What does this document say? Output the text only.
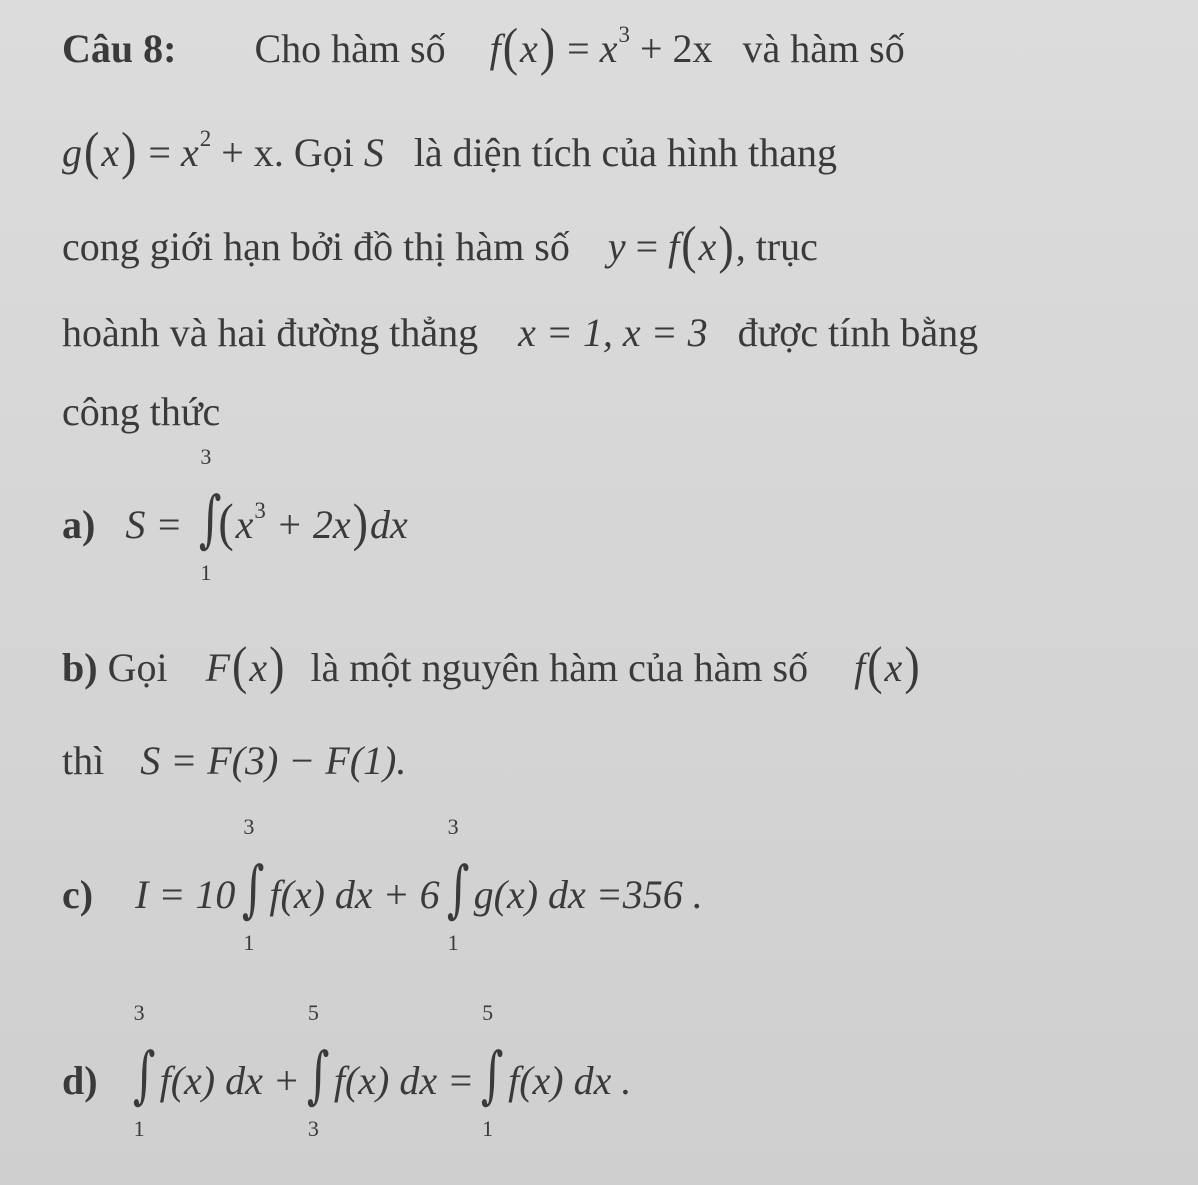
Câu 8: Cho hàm số $f(x) = x^3 + 2x$ và hàm số
$g(x) = x^2 + x$. Gọi S là diện tích của hình thang
cong giới hạn bởi đồ thị hàm số y = f(x), trục
hoành và hai đường thẳng x = 1, x = 3 được tính bằng
công thức
a) S = ∫
3
1
$(x^3 + 2x)dx$
b) Gọi F(x) là một nguyên hàm của hàm số f(x)
thì S = F(3) − F(1).
c) I = 10 ∫
3
1
f(x) dx + 6 ∫
3
1
g(x) dx =356 .
d) ∫
3
1
f(x) dx + ∫
5
3
f(x) dx = ∫
5
1
f(x) dx .
